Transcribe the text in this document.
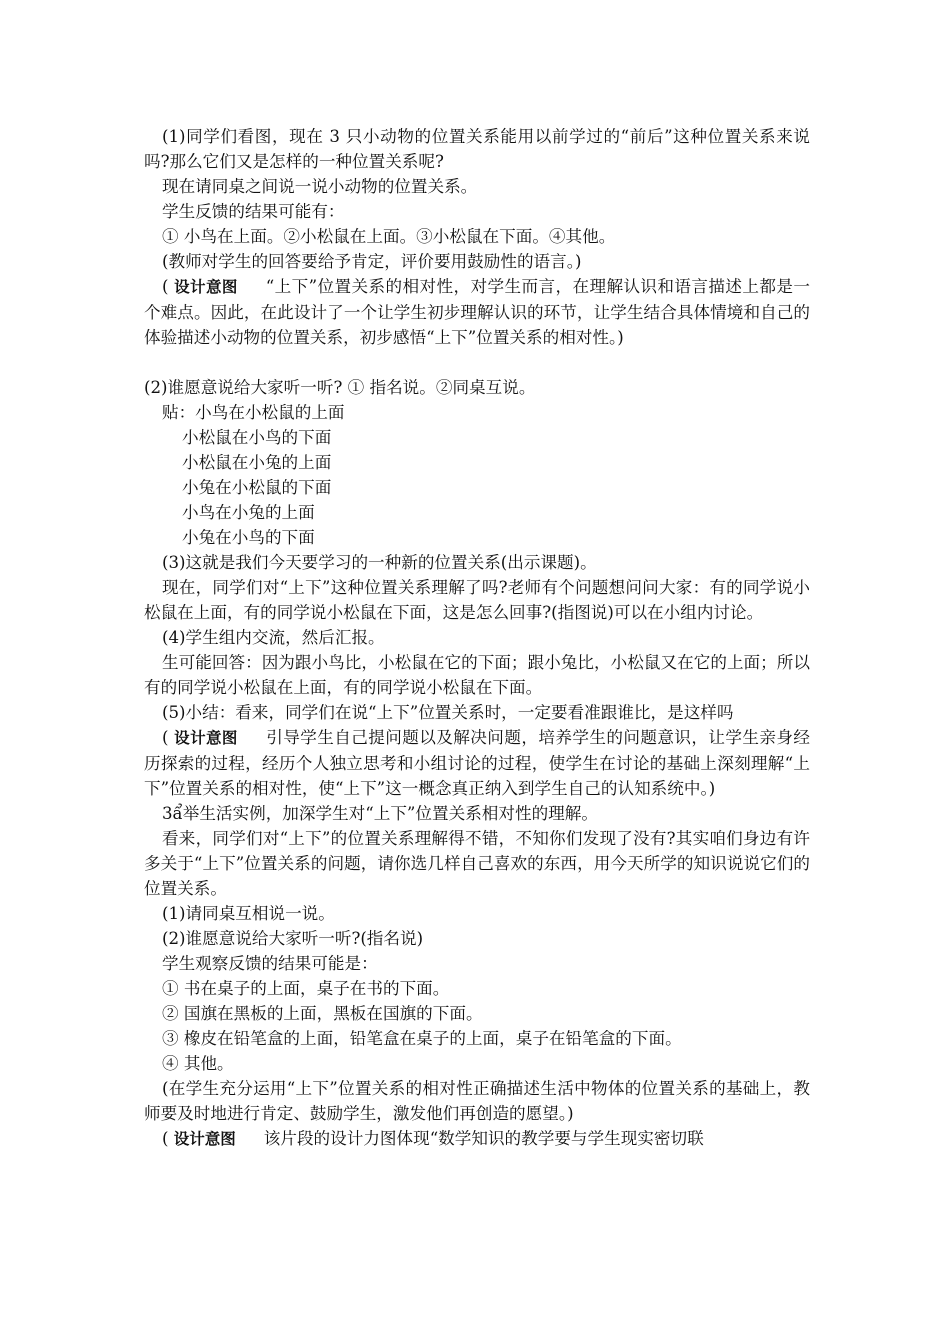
(1)同学们看图，现在 3 只小动物的位置关系能用以前学过的“前后”这种位置关系来说吗?那么它们又是怎样的一种位置关系呢?

现在请同桌之间说一说小动物的位置关系。

学生反馈的结果可能有：

① 小鸟在上面。②小松鼠在上面。③小松鼠在下面。④其他。

(教师对学生的回答要给予肯定，评价要用鼓励性的语言。)

( 设计意图 “上下”位置关系的相对性，对学生而言，在理解认识和语言描述上都是一个难点。因此，在此设计了一个让学生初步理解认识的环节，让学生结合具体情境和自己的体验描述小动物的位置关系，初步感悟“上下”位置关系的相对性。)

(2)谁愿意说给大家听一听? ① 指名说。②同桌互说。

贴：小鸟在小松鼠的上面

小松鼠在小鸟的下面

小松鼠在小兔的上面

小兔在小松鼠的下面

小鸟在小兔的上面

小兔在小鸟的下面

(3)这就是我们今天要学习的一种新的位置关系(出示课题)。

现在，同学们对“上下”这种位置关系理解了吗?老师有个问题想问问大家：有的同学说小松鼠在上面，有的同学说小松鼠在下面，这是怎么回事?(指图说)可以在小组内讨论。

(4)学生组内交流，然后汇报。

生可能回答：因为跟小鸟比，小松鼠在它的下面；跟小兔比，小松鼠又在它的上面；所以有的同学说小松鼠在上面，有的同学说小松鼠在下面。

(5)小结：看来，同学们在说“上下”位置关系时，一定要看准跟谁比，是这样吗

( 设计意图 引导学生自己提问题以及解决问题，培养学生的问题意识，让学生亲身经历探索的过程，经历个人独立思考和小组讨论的过程，使学生在讨论的基础上深刻理解“上下”位置关系的相对性，使“上下”这一概念真正纳入到学生自己的认知系统中。)

3ẩ举生活实例，加深学生对“上下”位置关系相对性的理解。

看来，同学们对“上下”的位置关系理解得不错，不知你们发现了没有?其实咱们身边有许多关于“上下”位置关系的问题，请你选几样自己喜欢的东西，用今天所学的知识说说它们的位置关系。

(1)请同桌互相说一说。

(2)谁愿意说给大家听一听?(指名说)

学生观察反馈的结果可能是：

① 书在桌子的上面，桌子在书的下面。

② 国旗在黑板的上面，黑板在国旗的下面。

③ 橡皮在铅笔盒的上面，铅笔盒在桌子的上面，桌子在铅笔盒的下面。

④ 其他。

(在学生充分运用“上下”位置关系的相对性正确描述生活中物体的位置关系的基础上，教师要及时地进行肯定、鼓励学生，激发他们再创造的愿望。)

( 设计意图 该片段的设计力图体现“数学知识的教学要与学生现实密切联
